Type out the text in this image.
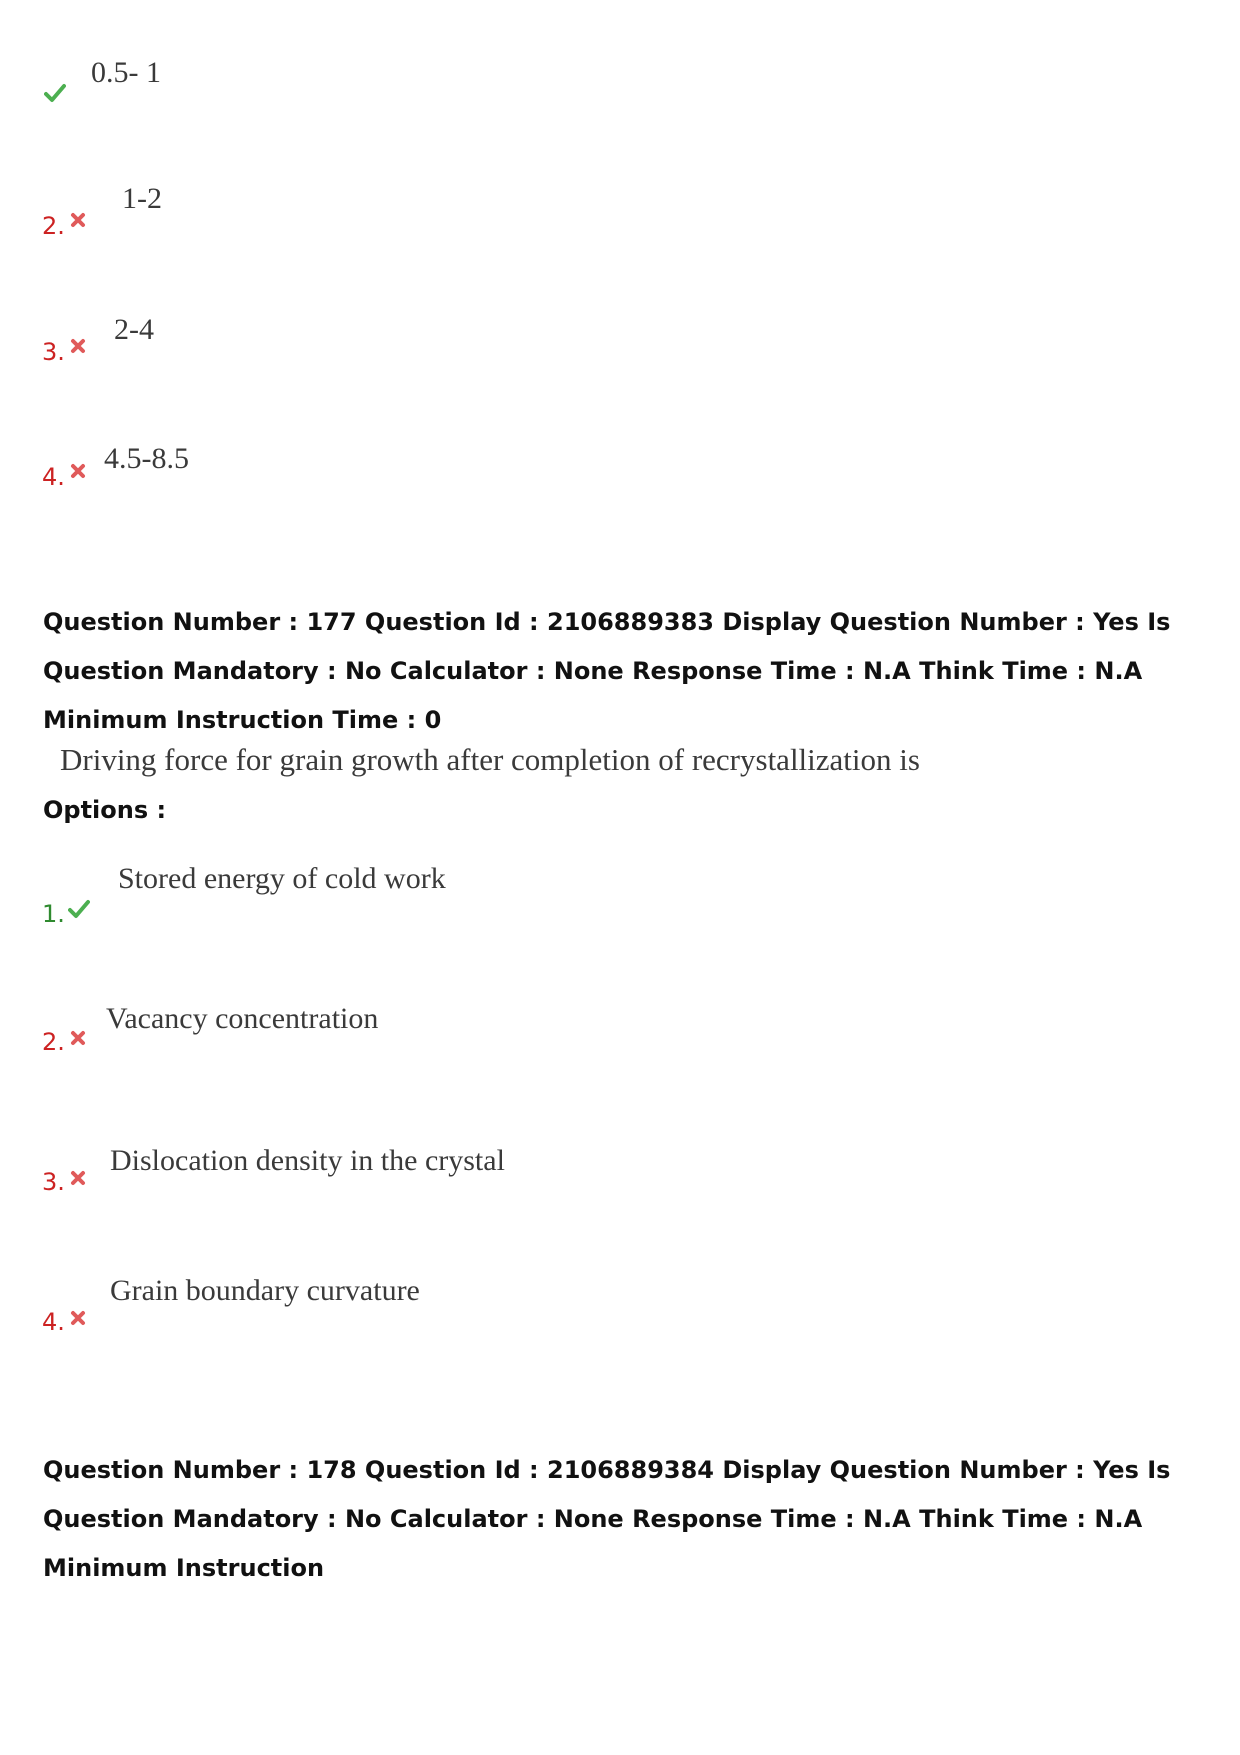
0.5- 1
2.
1-2
3.
2-4
4.
4.5-8.5
Question Number : 177 Question Id : 2106889383 Display Question Number : Yes Is Question Mandatory : No Calculator : None Response Time : N.A Think Time : N.A Minimum Instruction Time : 0
Driving force for grain growth after completion of recrystallization is
Options :
1.
Stored energy of cold work
2.
Vacancy concentration
3.
Dislocation density in the crystal
4.
Grain boundary curvature
Question Number : 178 Question Id : 2106889384 Display Question Number : Yes Is Question Mandatory : No Calculator : None Response Time : N.A Think Time : N.A Minimum Instruction
